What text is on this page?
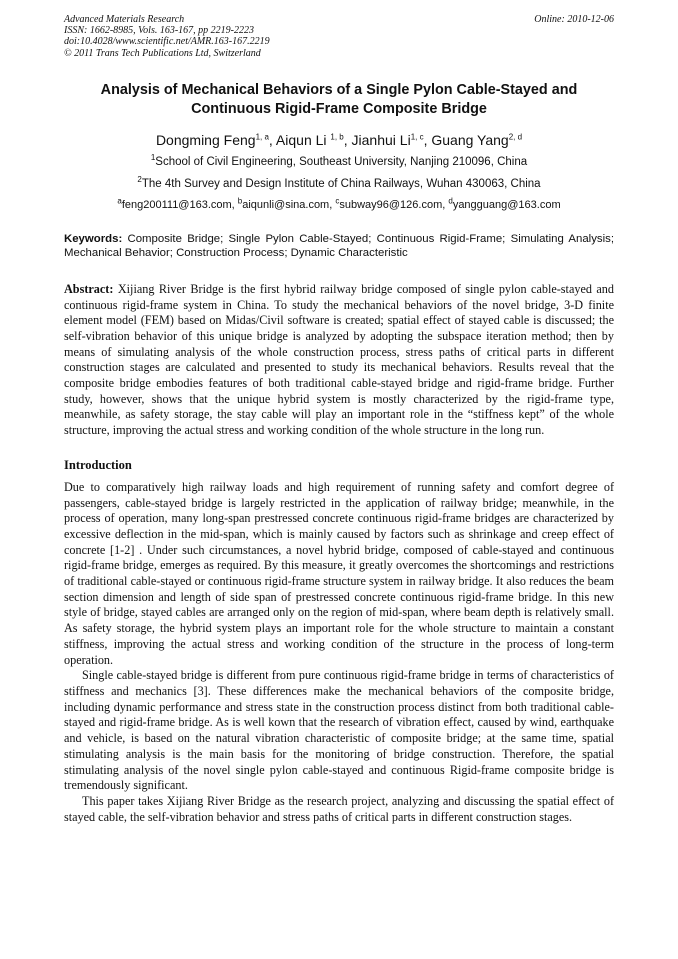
Advanced Materials Research
ISSN: 1662-8985, Vols. 163-167, pp 2219-2223
doi:10.4028/www.scientific.net/AMR.163-167.2219
© 2011 Trans Tech Publications Ltd, Switzerland
Online: 2010-12-06
Analysis of Mechanical Behaviors of a Single Pylon Cable-Stayed and
Continuous Rigid-Frame Composite Bridge
Dongming Feng$^{1, a}$, Aiqun Li $^{1, b}$, Jianhui Li$^{1, c}$, Guang Yang$^{2, d}$
$^1$School of Civil Engineering, Southeast University, Nanjing 210096, China
$^2$The 4th Survey and Design Institute of China Railways, Wuhan 430063, China
$^a$feng200111@163.com, $^b$aiqunli@sina.com, $^c$subway96@126.com, $^d$yangguang@163.com
Keywords: Composite Bridge; Single Pylon Cable-Stayed; Continuous Rigid-Frame; Simulating Analysis; Mechanical Behavior; Construction Process; Dynamic Characteristic
Abstract: Xijiang River Bridge is the first hybrid railway bridge composed of single pylon cable-stayed and continuous rigid-frame system in China. To study the mechanical behaviors of the novel bridge, 3-D finite element model (FEM) based on Midas/Civil software is created; spatial effect of stayed cable is discussed; the self-vibration behavior of this unique bridge is analyzed by adopting the subspace iteration method; then by means of simulating analysis of the whole construction process, stress paths of critical parts in different construction stages are calculated and presented to study its mechanical behaviors. Results reveal that the composite bridge embodies features of both traditional cable-stayed bridge and rigid-frame bridge. Further study, however, shows that the unique hybrid system is mostly characterized by the rigid-frame type, meanwhile, as safety storage, the stay cable will play an important role in the “stiffness kept” of the whole structure, improving the actual stress and working condition of the whole structure in the long run.
Introduction

Due to comparatively high railway loads and high requirement of running safety and comfort degree of passengers, cable-stayed bridge is largely restricted in the application of railway bridge; meanwhile, in the process of operation, many long-span prestressed concrete continuous rigid-frame bridges are characterized by excessive deflection in the mid-span, which is mainly caused by factors such as shrinkage and creep effect of concrete [1-2] . Under such circumstances, a novel hybrid bridge, composed of cable-stayed and continuous rigid-frame bridge, emerges as required. By this measure, it greatly overcomes the shortcomings and restrictions of traditional cable-stayed or continuous rigid-frame structure system in railway bridge. It also reduces the beam section dimension and length of side span of prestressed concrete continuous rigid-frame bridge. In this new style of bridge, stayed cables are arranged only on the region of mid-span, where beam depth is relatively small. As safety storage, the hybrid system plays an important role for the whole structure to maintain a constant stiffness, improving the actual stress and working condition of the structure in the process of long-term operation.

Single cable-stayed bridge is different from pure continuous rigid-frame bridge in terms of characteristics of stiffness and mechanics [3]. These differences make the mechanical behaviors of the composite bridge, including dynamic performance and stress state in the construction process distinct from both traditional cable-stayed and rigid-frame bridge. As is well kown that the research of vibration effect, caused by wind, earthquake and vehicle, is based on the natural vibration characteristic of composite bridge; at the same time, spatial stimulating analysis is the main basis for the monitoring of bridge construction. Therefore, the spatial stimulating analysis of the novel single pylon cable-stayed and continuous Rigid-frame composite bridge is tremendously significant.

This paper takes Xijiang River Bridge as the research project, analyzing and discussing the spatial effect of stayed cable, the self-vibration behavior and stress paths of critical parts in different construction stages.
